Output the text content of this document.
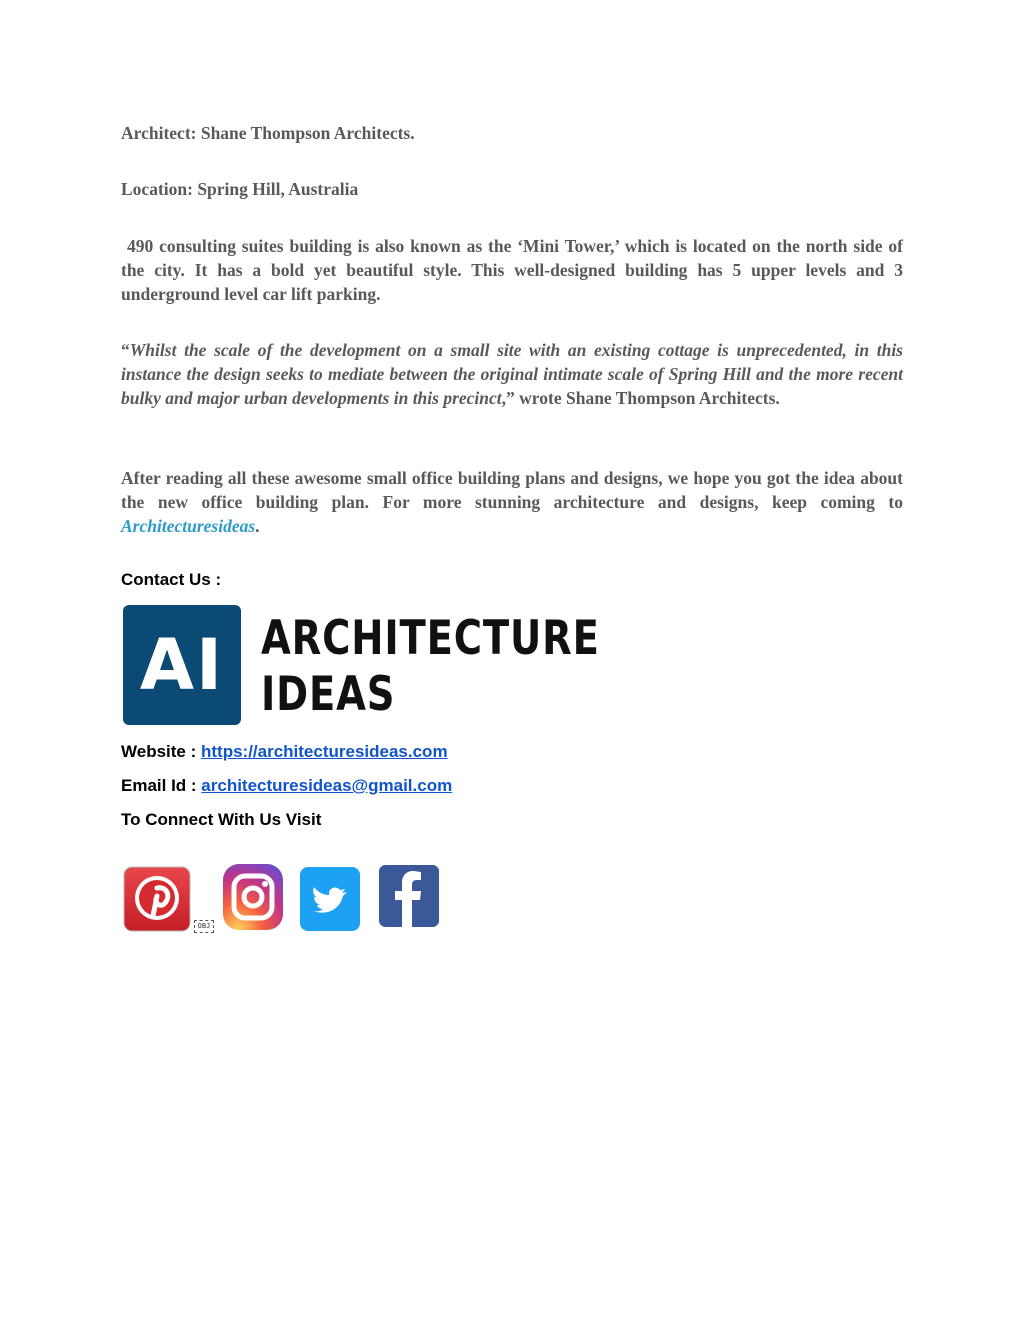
Architect: Shane Thompson Architects.

Location: Spring Hill, Australia

490 consulting suites building is also known as the ‘Mini Tower,’ which is located on the north side of the city. It has a bold yet beautiful style. This well-designed building has 5 upper levels and 3 underground level car lift parking.

“Whilst the scale of the development on a small site with an existing cottage is unprecedented, in this instance the design seeks to mediate between the original intimate scale of Spring Hill and the more recent bulky and major urban developments in this precinct,” wrote Shane Thompson Architects.

After reading all these awesome small office building plans and designs, we hope you got the idea about the new office building plan. For more stunning architecture and designs, keep coming to Architecturesideas.

Contact Us :
AI ARCHITECTURE
IDEAS
Website : https://architecturesideas.com
Email Id : architecturesideas@gmail.com
To Connect With Us Visit
OBJ
